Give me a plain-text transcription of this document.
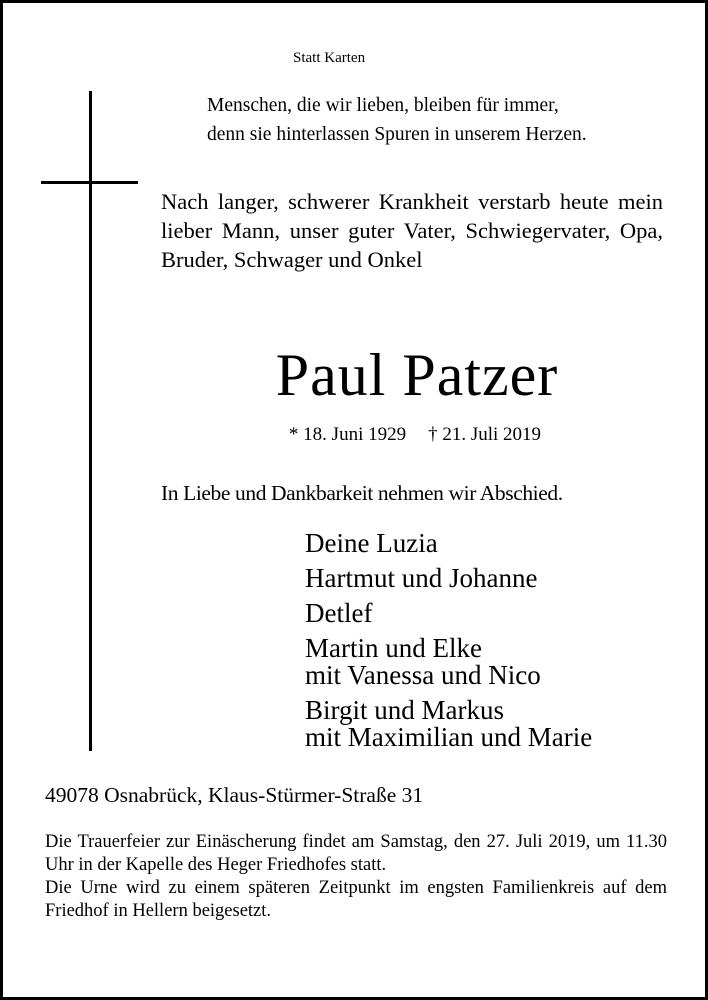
Statt Karten
Menschen, die wir lieben, bleiben für immer,
denn sie hinterlassen Spuren in unserem Herzen.
Nach langer, schwerer Krankheit verstarb heute mein lieber Mann, unser guter Vater, Schwiegervater, Opa, Bruder, Schwager und Onkel
Paul Patzer
* 18. Juni 1929 † 21. Juli 2019
In Liebe und Dankbarkeit nehmen wir Abschied.
Deine Luzia
Hartmut und Johanne
Detlef
Martin und Elke
mit Vanessa und Nico
Birgit und Markus
mit Maximilian und Marie
49078 Osnabrück, Klaus-Stürmer-Straße 31

Die Trauerfeier zur Einäscherung findet am Samstag, den 27. Juli 2019, um 11.30 Uhr in der Kapelle des Heger Friedhofes statt.

Die Urne wird zu einem späteren Zeitpunkt im engsten Familienkreis auf dem Friedhof in Hellern beigesetzt.
